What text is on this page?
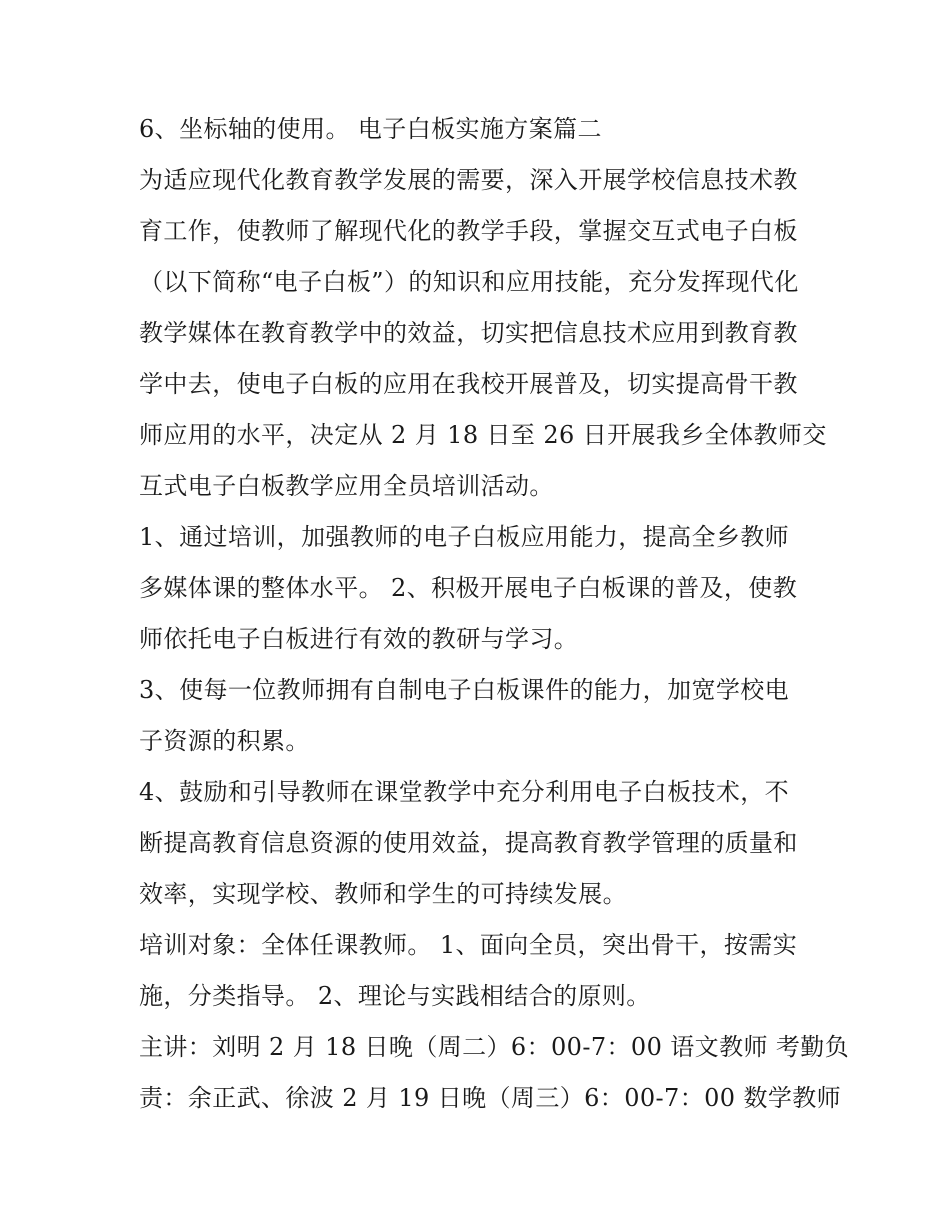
6、坐标轴的使用。 电子白板实施方案篇二
为适应现代化教育教学发展的需要，深入开展学校信息技术教
育工作，使教师了解现代化的教学手段，掌握交互式电子白板
（以下简称“电子白板”）的知识和应用技能，充分发挥现代化
教学媒体在教育教学中的效益，切实把信息技术应用到教育教
学中去，使电子白板的应用在我校开展普及，切实提高骨干教
师应用的水平，决定从 2 月 18 日至 26 日开展我乡全体教师交
互式电子白板教学应用全员培训活动。
1、通过培训，加强教师的电子白板应用能力，提高全乡教师
多媒体课的整体水平。 2、积极开展电子白板课的普及，使教
师依托电子白板进行有效的教研与学习。
3、使每一位教师拥有自制电子白板课件的能力，加宽学校电
子资源的积累。
4、鼓励和引导教师在课堂教学中充分利用电子白板技术，不
断提高教育信息资源的使用效益，提高教育教学管理的质量和
效率，实现学校、教师和学生的可持续发展。
培训对象：全体任课教师。 1、面向全员，突出骨干，按需实
施，分类指导。 2、理论与实践相结合的原则。
主讲：刘明 2 月 18 日晚（周二）6：00-7：00 语文教师 考勤负
责：余正武、徐波 2 月 19 日晚（周三）6：00-7：00 数学教师
